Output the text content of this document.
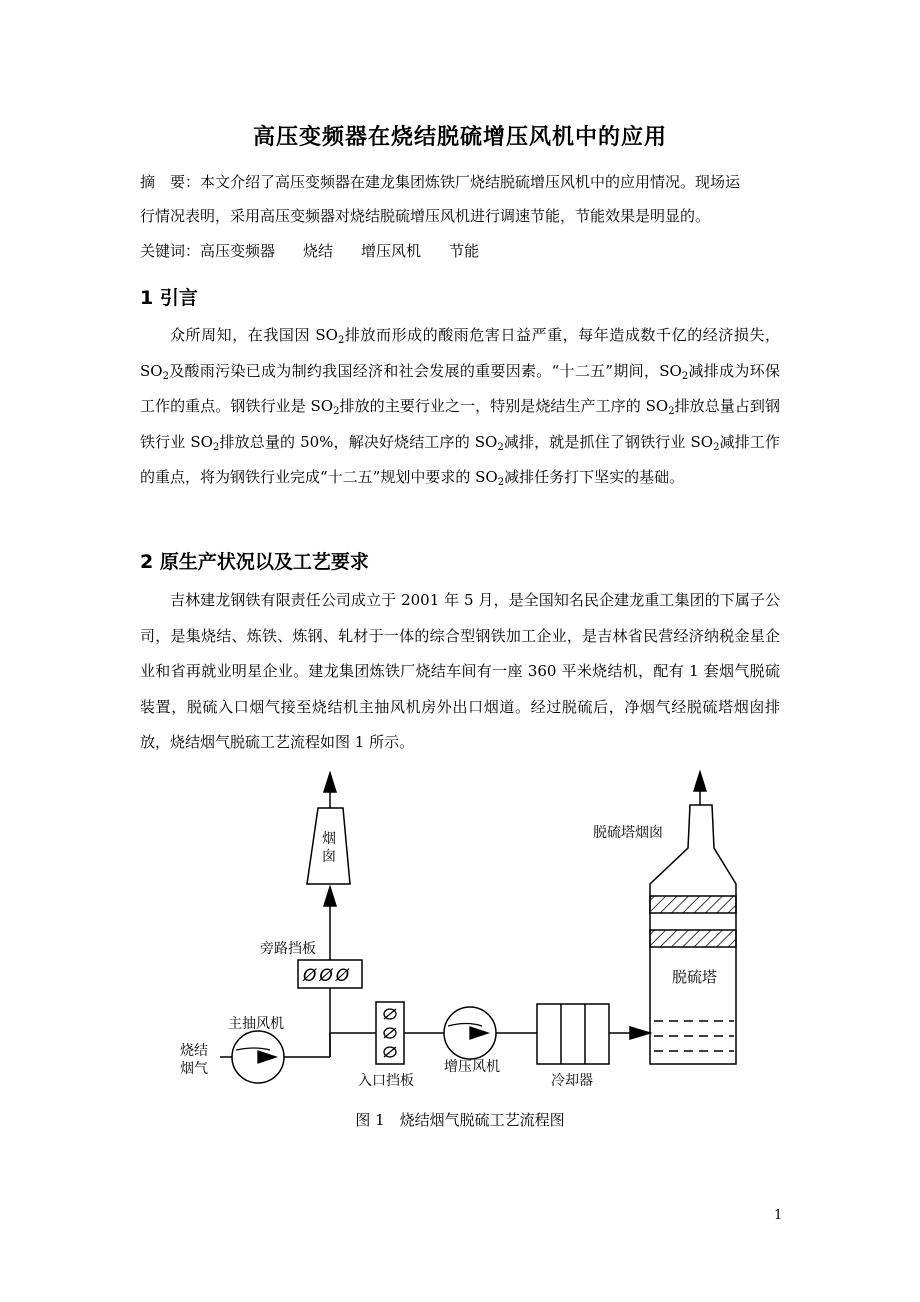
高压变频器在烧结脱硫增压风机中的应用
摘　要：本文介绍了高压变频器在建龙集团炼铁厂烧结脱硫增压风机中的应用情况。现场运
行情况表明，采用高压变频器对烧结脱硫增压风机进行调速节能，节能效果是明显的。
关键词：高压变频器 烧结 增压风机 节能
1 引言
众所周知，在我国因 $SO_2$排放而形成的酸雨危害日益严重，每年造成数千亿的经济损失，$SO_2$及酸雨污染已成为制约我国经济和社会发展的重要因素。“十二五”期间，$SO_2$减排成为环保工作的重点。钢铁行业是 $SO_2$排放的主要行业之一，特别是烧结生产工序的 $SO_2$排放总量占到钢铁行业 $SO_2$排放总量的 50%，解决好烧结工序的 $SO_2$减排，就是抓住了钢铁行业 $SO_2$减排工作的重点，将为钢铁行业完成“十二五”规划中要求的 $SO_2$减排任务打下坚实的基础。
2 原生产状况以及工艺要求
吉林建龙钢铁有限责任公司成立于 2001 年 5 月，是全国知名民企建龙重工集团的下属子公司，是集烧结、炼铁、炼钢、轧材于一体的综合型钢铁加工企业，是吉林省民营经济纳税金星企业和省再就业明星企业。建龙集团炼铁厂烧结车间有一座 360 平米烧结机，配有 1 套烟气脱硫装置，脱硫入口烟气接至烧结机主抽风机房外出口烟道。经过脱硫后，净烟气经脱硫塔烟囱排放，烧结烟气脱硫工艺流程如图 1 所示。
烟
囱
旁路挡板
ØØØ
主抽风机
烧结
烟气
入口挡板
增压风机
冷却器
脱硫塔烟囱
脱硫塔
图 1　烧结烟气脱硫工艺流程图
1
